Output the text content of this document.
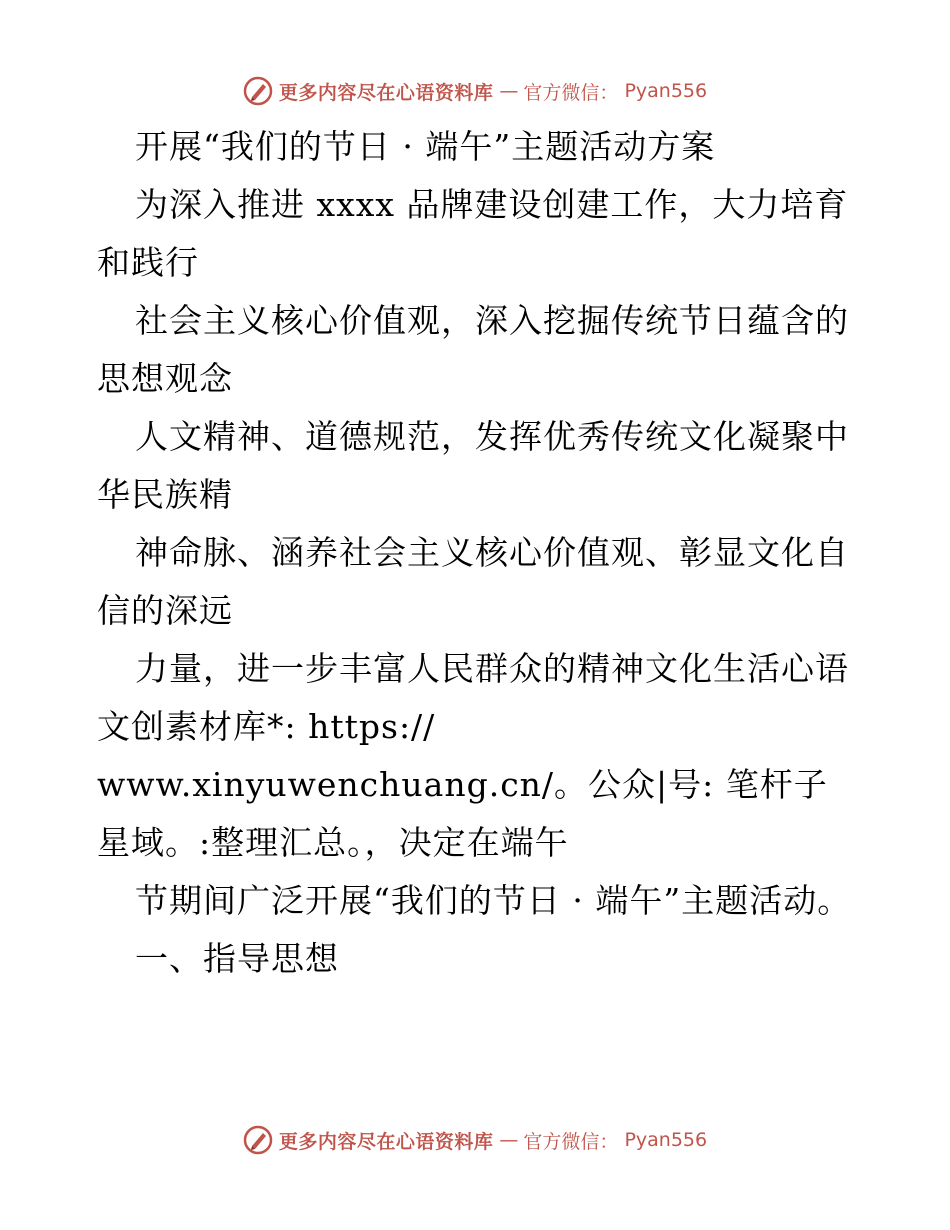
更多内容尽在心语资料库 — 官方微信： Pyan556

开展“我们的节日 · 端午”主题活动方案

为深入推进 xxxx 品牌建设创建工作，大力培育和践行

社会主义核心价值观，深入挖掘传统节日蕴含的思想观念

人文精神、道德规范，发挥优秀传统文化凝聚中华民族精

神命脉、涵养社会主义核心价值观、彰显文化自信的深远

力量，进一步丰富人民群众的精神文化生活心语文创素材库*: https://

www.xinyuwenchuang.cn/。公众|号: 笔杆子星域。:整理汇总。，决定在端午

节期间广泛开展“我们的节日 · 端午”主题活动。

一、指导思想

更多内容尽在心语资料库 — 官方微信： Pyan556
